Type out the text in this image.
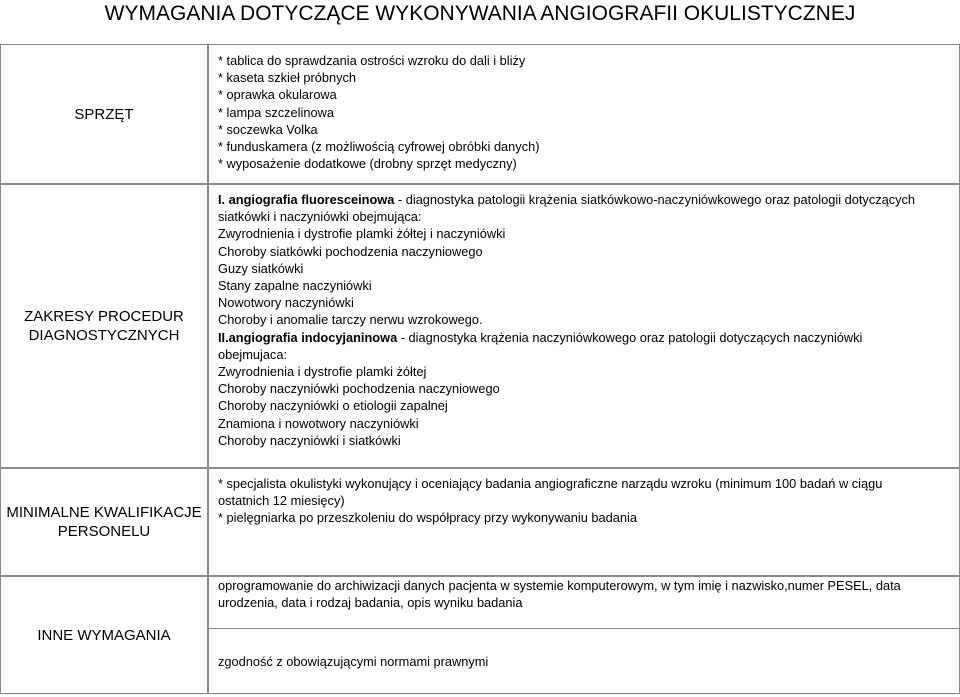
WYMAGANIA DOTYCZĄCE WYKONYWANIA ANGIOGRAFII OKULISTYCZNEJ
SPRZĘT
* tablica do sprawdzania ostrości wzroku do dali i bliży
* kaseta szkieł próbnych
* oprawka okularowa
* lampa szczelinowa
* soczewka Volka
* funduskamera (z możliwością cyfrowej obróbki danych)
* wyposażenie dodatkowe (drobny sprzęt medyczny)
ZAKRESY PROCEDUR
DIAGNOSTYCZNYCH
I. angiografia fluoresceinowa - diagnostyka patologii krążenia siatkówkowo-naczyniówkowego oraz patologii dotyczących
siatkówki i naczyniówki obejmująca:
Zwyrodnienia i dystrofie plamki żółtej i naczyniówki
Choroby siatkówki pochodzenia naczyniowego
Guzy siatkówki
Stany zapalne naczyniówki
Nowotwory naczyniówki
Choroby i anomalie tarczy nerwu wzrokowego.
II.angiografia indocyjaninowa - diagnostyka krążenia naczyniówkowego oraz patologii dotyczących naczyniówki
obejmujaca:
Zwyrodnienia i dystrofie plamki żółtej
Choroby naczyniówki pochodzenia naczyniowego
Choroby naczyniówki o etiologii zapalnej
Znamiona i nowotwory naczyniówki
Choroby naczyniówki i siatkówki
MINIMALNE KWALIFIKACJE
PERSONELU
* specjalista okulistyki wykonujący i oceniający badania angiograficzne narządu wzroku (minimum 100 badań w ciągu
ostatnich 12 miesięcy)
* pielęgniarka po przeszkoleniu do współpracy przy wykonywaniu badania
INNE WYMAGANIA
oprogramowanie do archiwizacji danych pacjenta w systemie komputerowym, w tym imię i nazwisko,numer PESEL, data
urodzenia, data i rodzaj badania, opis wyniku badania
zgodność z obowiązującymi normami prawnymi
